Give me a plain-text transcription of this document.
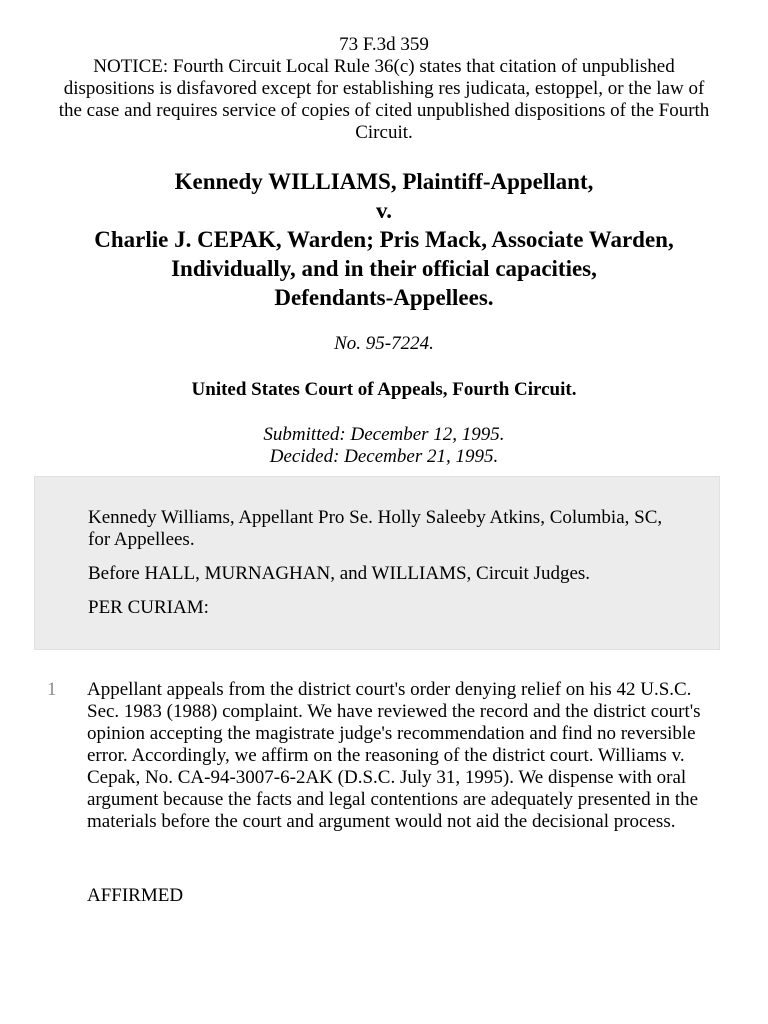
73 F.3d 359
NOTICE: Fourth Circuit Local Rule 36(c) states that citation of unpublished dispositions is disfavored except for establishing res judicata, estoppel, or the law of the case and requires service of copies of cited unpublished dispositions of the Fourth Circuit.
Kennedy WILLIAMS, Plaintiff-Appellant,
v.
Charlie J. CEPAK, Warden; Pris Mack, Associate Warden,
Individually, and in their official capacities,
Defendants-Appellees.
No. 95-7224.
United States Court of Appeals, Fourth Circuit.
Submitted: December 12, 1995.
Decided: December 21, 1995.

Kennedy Williams, Appellant Pro Se. Holly Saleeby Atkins, Columbia, SC, for Appellees.

Before HALL, MURNAGHAN, and WILLIAMS, Circuit Judges.

PER CURIAM:

1 Appellant appeals from the district court's order denying relief on his 42 U.S.C. Sec. 1983 (1988) complaint. We have reviewed the record and the district court's opinion accepting the magistrate judge's recommendation and find no reversible error. Accordingly, we affirm on the reasoning of the district court. Williams v. Cepak, No. CA-94-3007-6-2AK (D.S.C. July 31, 1995). We dispense with oral argument because the facts and legal contentions are adequately presented in the materials before the court and argument would not aid the decisional process.
AFFIRMED
